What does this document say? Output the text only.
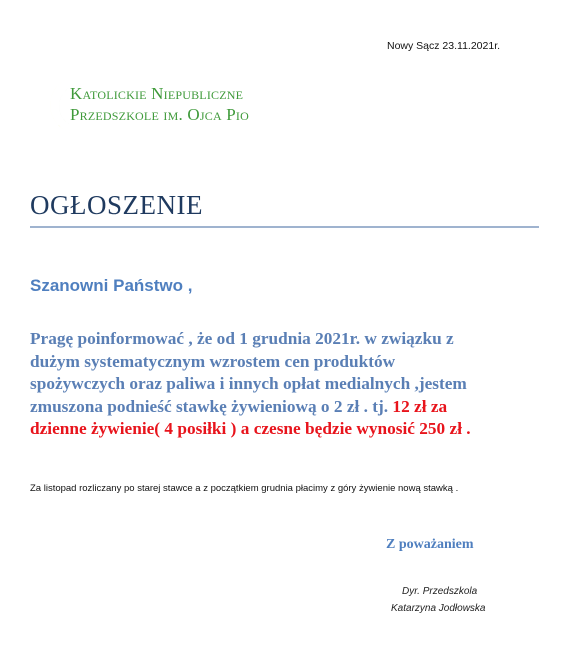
Nowy Sącz 23.11.2021r.
Katolickie Niepubliczne
Przedszkole im. Ojca Pio
OGŁOSZENIE
Szanowni Państwo ,
Pragę poinformować , że od 1 grudnia 2021r. w związku z
dużym systematycznym wzrostem cen produktów
spożywczych oraz paliwa i innych opłat medialnych ,jestem
zmuszona podnieść stawkę żywieniową o 2 zł . tj. 12 zł za
dzienne żywienie( 4 posiłki ) a czesne będzie wynosić 250 zł .
Za listopad rozliczany po starej stawce a z początkiem grudnia płacimy z góry żywienie nową stawką .
Z poważaniem
Dyr. Przedszkola
Katarzyna Jodłowska
